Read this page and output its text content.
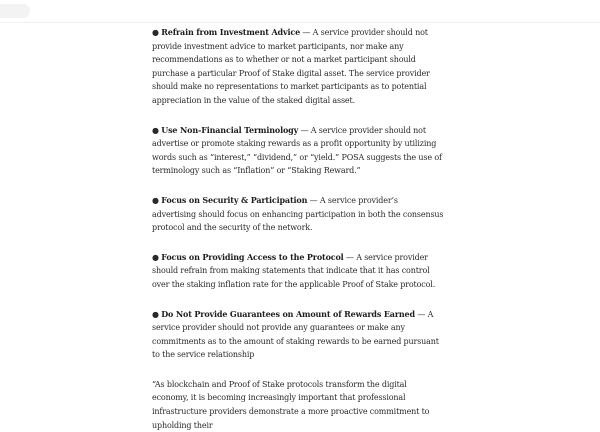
● Refrain from Investment Advice — A service provider should not provide investment advice to market participants, nor make any recommendations as to whether or not a market participant should purchase a particular Proof of Stake digital asset. The service provider should make no representations to market participants as to potential appreciation in the value of the staked digital asset.

● Use Non-Financial Terminology — A service provider should not advertise or promote staking rewards as a profit opportunity by utilizing words such as “interest,” “dividend,” or “yield.” POSA suggests the use of terminology such as “Inflation” or “Staking Reward.”

● Focus on Security & Participation — A service provider’s advertising should focus on enhancing participation in both the consensus protocol and the security of the network.

● Focus on Providing Access to the Protocol — A service provider should refrain from making statements that indicate that it has control over the staking inflation rate for the applicable Proof of Stake protocol.

● Do Not Provide Guarantees on Amount of Rewards Earned — A service provider should not provide any guarantees or make any commitments as to the amount of staking rewards to be earned pursuant to the service relationship

“As blockchain and Proof of Stake protocols transform the digital economy, it is becoming increasingly important that professional infrastructure providers demonstrate a more proactive commitment to upholding their
